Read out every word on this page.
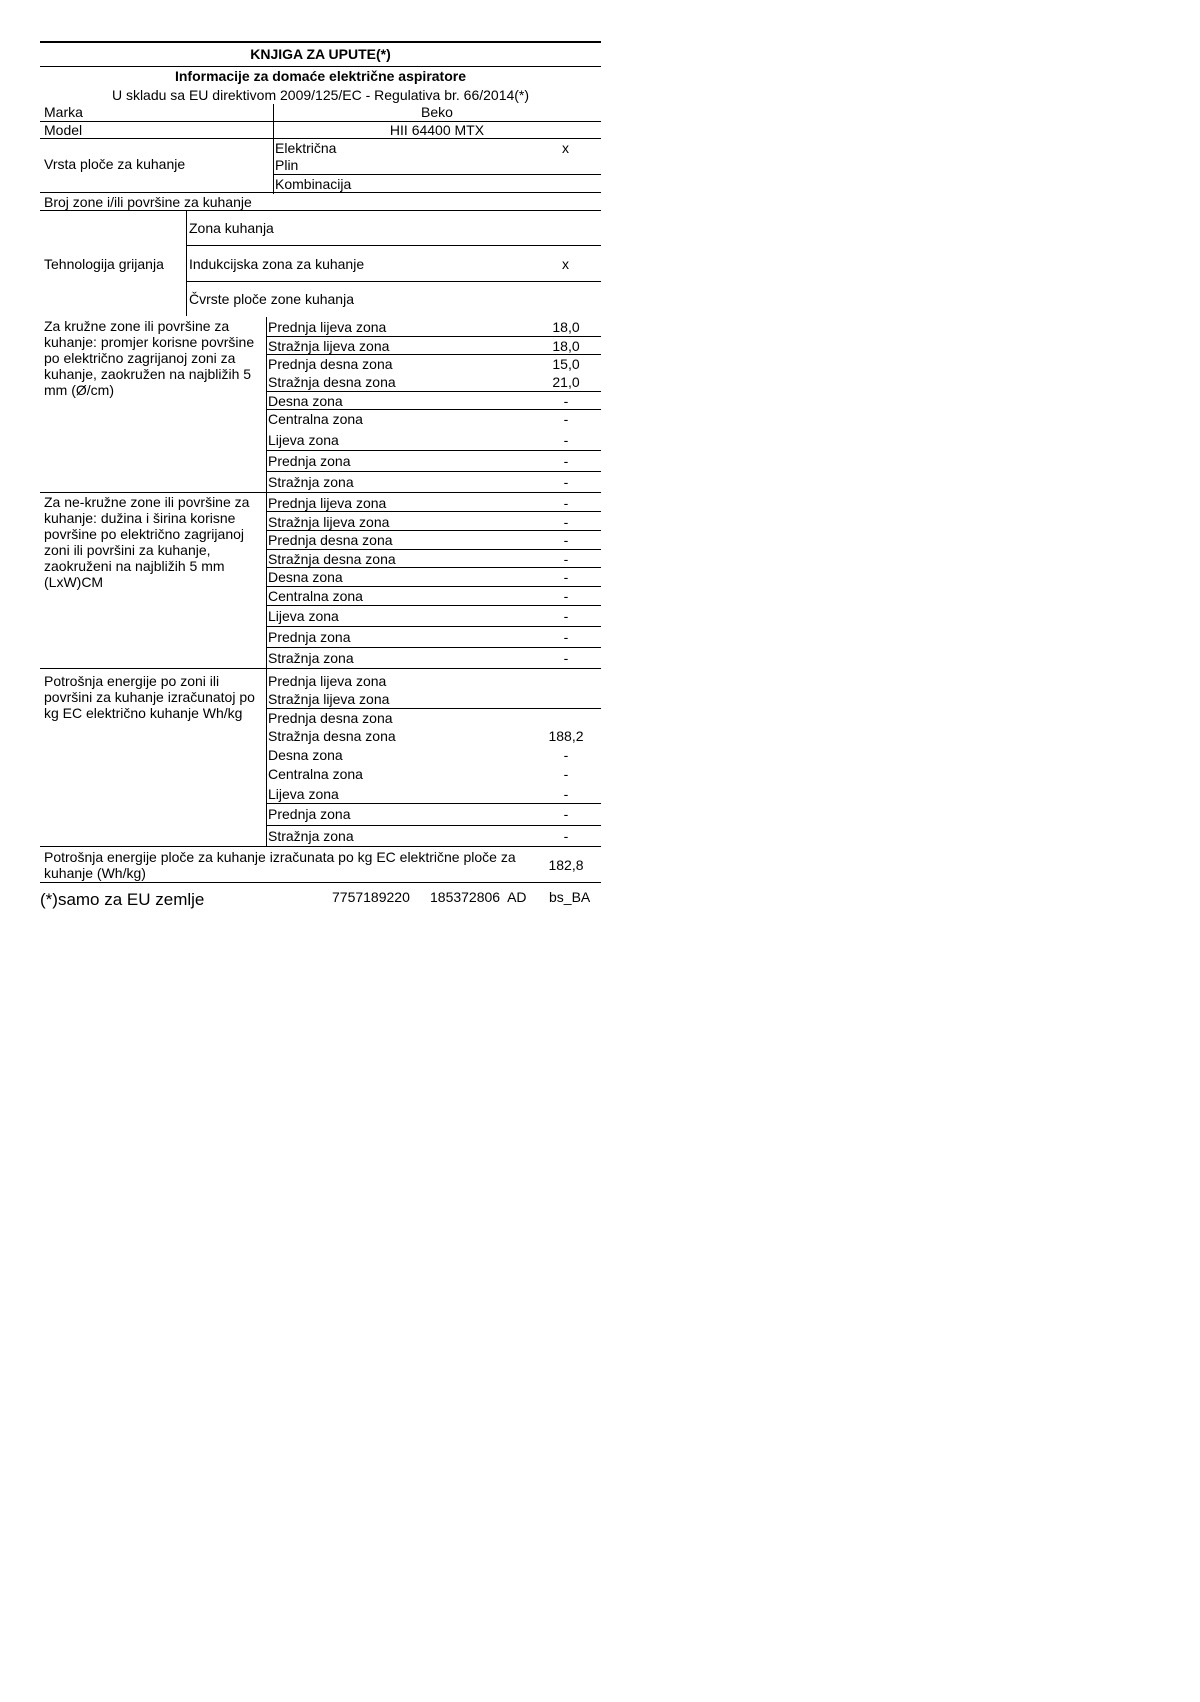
KNJIGA ZA UPUTE(*)
Informacije za domaće električne aspiratore
U skladu sa EU direktivom 2009/125/EC - Regulativa br. 66/2014(*)
Marka	Beko
Model	HII 64400 MTX
Vrsta ploče za kuhanje
Električna	x
Plin
Kombinacija
Broj zone i/ili površine za kuhanje
Tehnologija grijanja
Zona kuhanja
Indukcijska zona za kuhanje	x
Čvrste ploče zone kuhanja
Za kružne zone ili površine za kuhanje: promjer korisne površine po električno zagrijanoj zoni za kuhanje, zaokružen na najbližih 5 mm (Ø/cm)
Prednja lijeva zona	18,0
Stražnja lijeva zona	18,0
Prednja desna zona	15,0
Stražnja desna zona	21,0
Desna zona	-
Centralna zona	-
Lijeva zona	-
Prednja zona	-
Stražnja zona	-
Za ne-kružne zone ili površine za kuhanje: dužina i širina korisne površine po električno zagrijanoj zoni ili površini za kuhanje, zaokruženi na najbližih 5 mm (LxW)CM
Prednja lijeva zona	-
Stražnja lijeva zona	-
Prednja desna zona	-
Stražnja desna zona	-
Desna zona	-
Centralna zona	-
Lijeva zona	-
Prednja zona	-
Stražnja zona	-
Potrošnja energije po zoni ili površini za kuhanje izračunatoj po kg EC električno kuhanje Wh/kg
Prednja lijeva zona
Stražnja lijeva zona
Prednja desna zona
Stražnja desna zona	188,2
Desna zona	-
Centralna zona	-
Lijeva zona	-
Prednja zona	-
Stražnja zona	-
Potrošnja energije ploče za kuhanje izračunata po kg EC električne ploče za kuhanje (Wh/kg)	182,8
(*)samo za EU zemlje	7757189220 185372806  AD bs_BA
